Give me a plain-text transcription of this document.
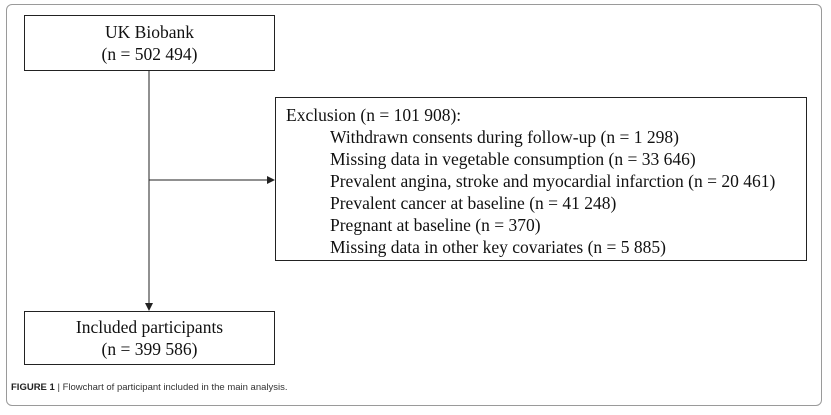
UK Biobank
(n = 502 494)

Exclusion (n = 101 908):

Withdrawn consents during follow-up (n = 1 298)
Missing data in vegetable consumption (n = 33 646)
Prevalent angina, stroke and myocardial infarction (n = 20 461)
Prevalent cancer at baseline (n = 41 248)
Pregnant at baseline (n = 370)
Missing data in other key covariates (n = 5 885)
Included participants
(n = 399 586)
FIGURE 1 | Flowchart of participant included in the main analysis.
